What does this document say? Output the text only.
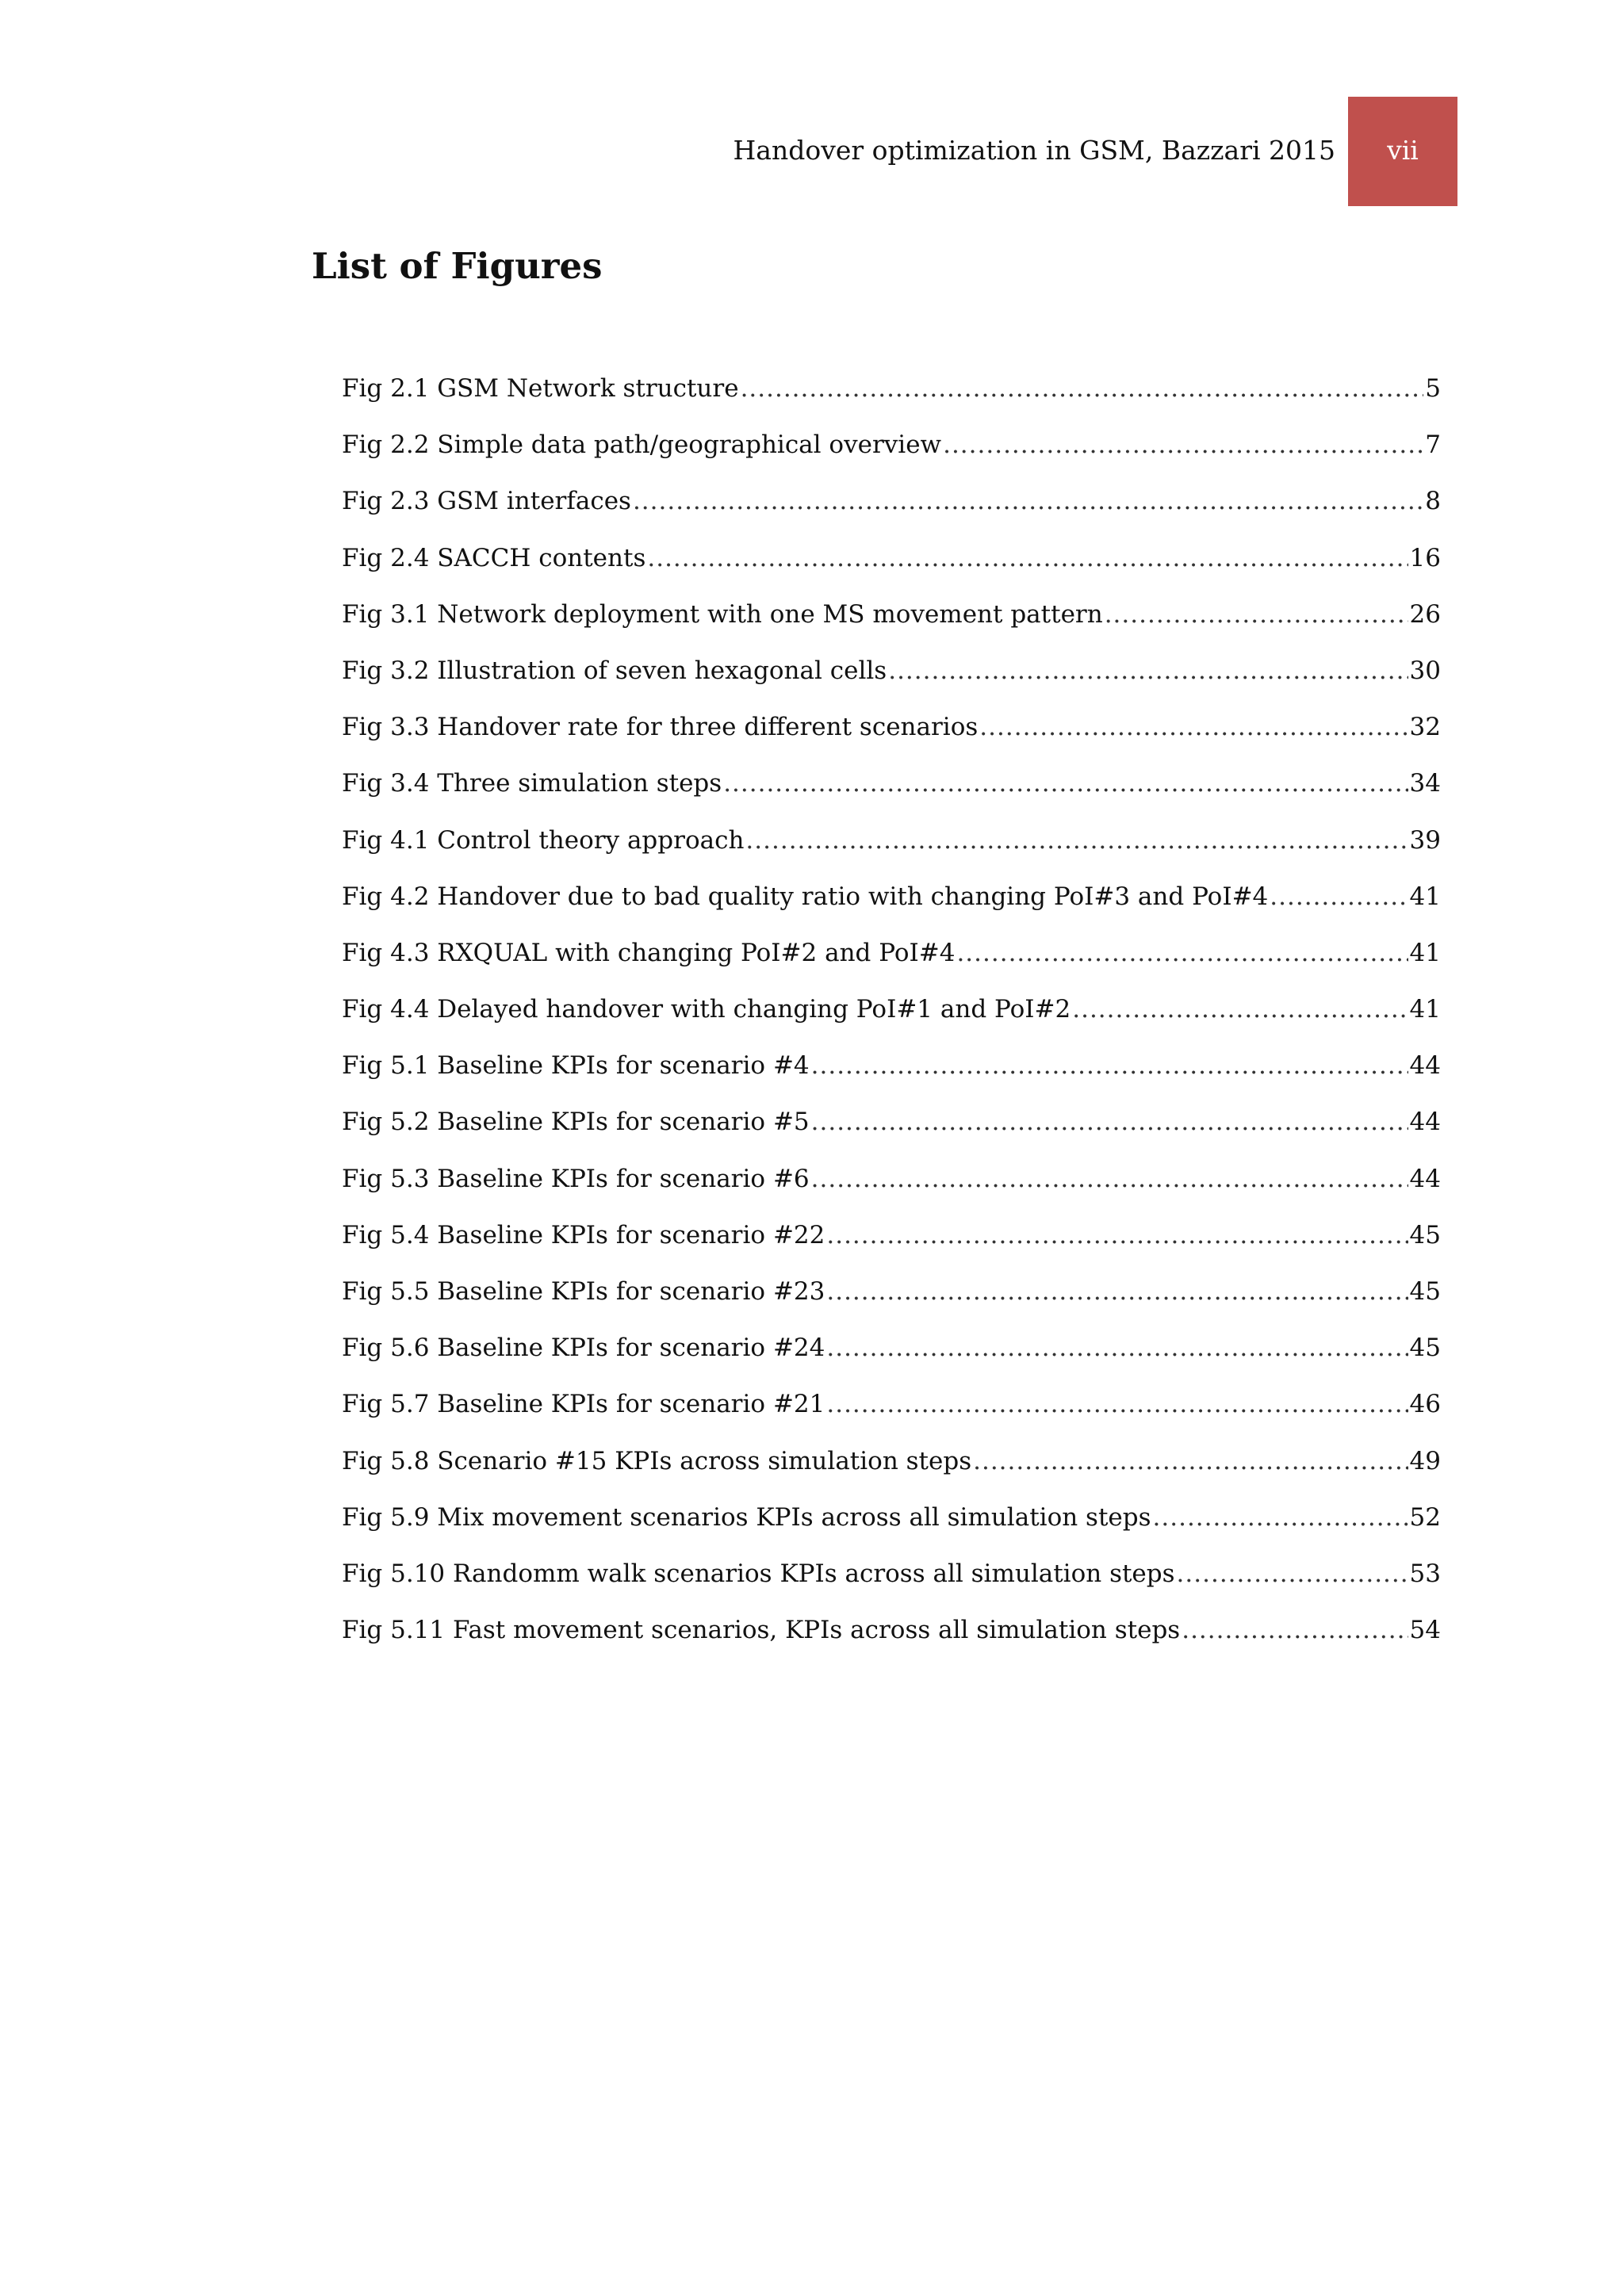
Handover optimization in GSM, Bazzari 2015	vii
List of Figures
Fig 2.1 GSM Network structure .....	5
Fig 2.2 Simple data path/geographical overview .....	7
Fig 2.3 GSM interfaces .....	8
Fig 2.4 SACCH contents .....	16
Fig 3.1 Network deployment with one MS movement pattern .....	26
Fig 3.2 Illustration of seven hexagonal cells .....	30
Fig 3.3 Handover rate for three different scenarios .....	32
Fig 3.4 Three simulation steps .....	34
Fig 4.1 Control theory approach .....	39
Fig 4.2 Handover due to bad quality ratio with changing PoI#3 and PoI#4 .....	41
Fig 4.3 RXQUAL with changing PoI#2 and PoI#4 .....	41
Fig 4.4 Delayed handover with changing PoI#1 and PoI#2 .....	41
Fig 5.1 Baseline KPIs for scenario #4 .....	44
Fig 5.2 Baseline KPIs for scenario #5 .....	44
Fig 5.3 Baseline KPIs for scenario #6 .....	44
Fig 5.4 Baseline KPIs for scenario #22 .....	45
Fig 5.5 Baseline KPIs for scenario #23 .....	45
Fig 5.6 Baseline KPIs for scenario #24 .....	45
Fig 5.7 Baseline KPIs for scenario #21 .....	46
Fig 5.8 Scenario #15 KPIs across simulation steps .....	49
Fig 5.9 Mix movement scenarios KPIs across all simulation steps .....	52
Fig 5.10 Randomm walk scenarios KPIs across all simulation steps .....	53
Fig 5.11 Fast movement scenarios, KPIs across all simulation steps .....	54
